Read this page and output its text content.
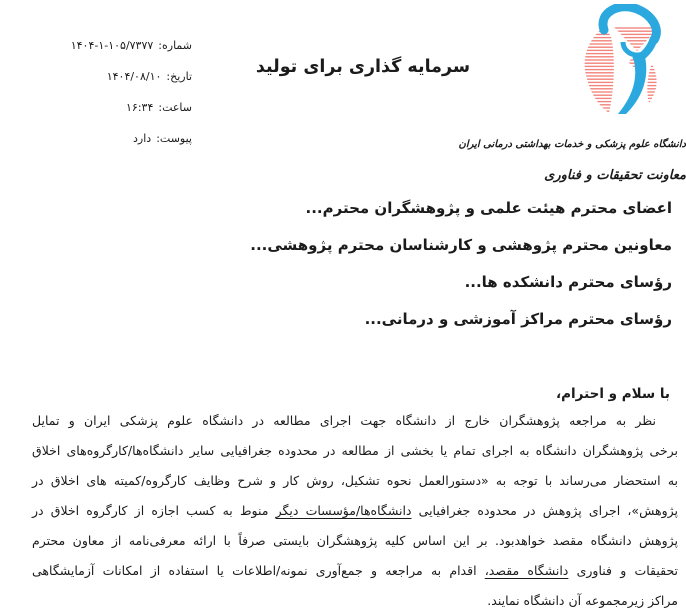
شماره:۱۴۰۴-۱-۱۰۵/۷۳۷۷
تاریخ:۱۴۰۴/۰۸/۱۰
ساعت:۱۶:۳۴
پیوست:دارد
سرمایه گذاری برای تولید
دانشگاه علوم پزشکی و خدمات بهداشتی درمانی ایران
معاونت تحقیقات و فناوری
اعضای محترم هیئت علمی و پژوهشگران محترم...
معاونین محترم پژوهشی و کارشناسان محترم پژوهشی...
رؤسای محترم دانشکده ها...
رؤسای محترم مراکز آموزشی و درمانی...
با سلام و احترام،
نظر به مراجعه پژوهشگران خارج از دانشگاه جهت اجرای مطالعه در دانشگاه علوم پزشکی ایران و تمایل
برخی پژوهشگران دانشگاه به اجرای تمام یا بخشی از مطالعه در محدوده جغرافیایی سایر دانشگاه‌ها/کارگروه‌های اخلاق
به استحضار می‌رساند با توجه به «دستورالعمل نحوه تشکیل، روش کار و شرح وظایف کارگروه/کمیته های اخلاق در
پژوهش»، اجرای پژوهش در محدوده جغرافیایی دانشگاه‌ها/مؤسسات دیگر منوط به کسب اجازه از کارگروه اخلاق در
پژوهش دانشگاه مقصد خواهدبود. بر این اساس کلیه پژوهشگران بایستی صرفاً با ارائه معرفی‌نامه از معاون محترم
تحقیقات و فناوری دانشگاه مقصد، اقدام به مراجعه و جمع‌آوری نمونه/اطلاعات یا استفاده از امکانات آزمایشگاهی
مراکز زیرمجموعه آن دانشگاه نمایند.
